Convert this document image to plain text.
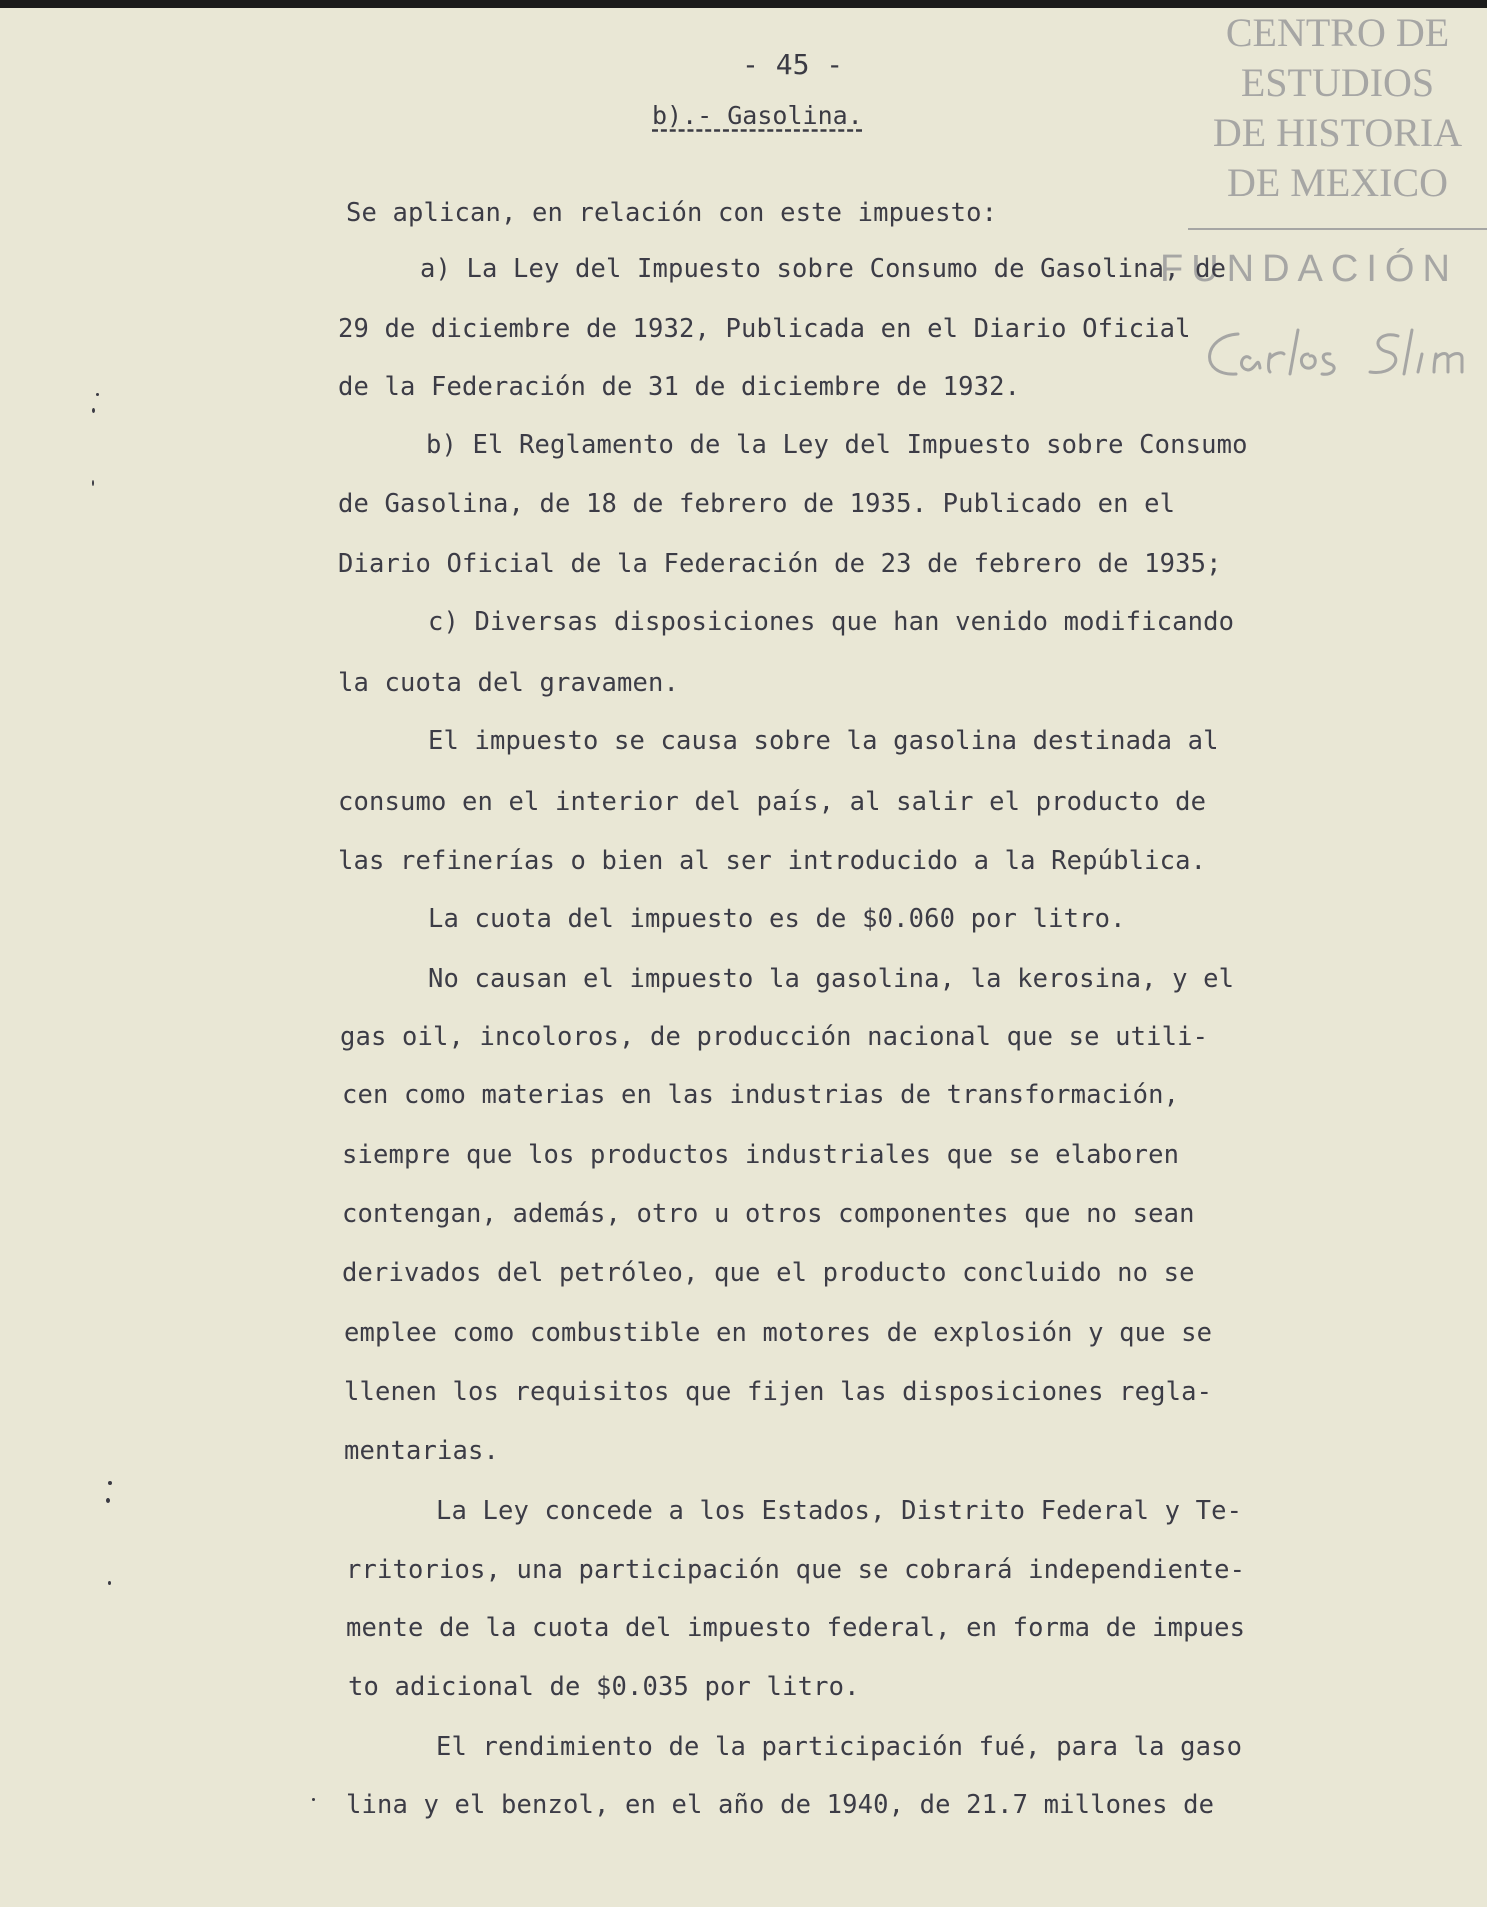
- 45 -
b).- Gasolina.
CENTRO DE
ESTUDIOS
DE HISTORIA
DE MEXICO
FUNDACIÓN
Se aplican, en relación con este impuesto:
a) La Ley del Impuesto sobre Consumo de Gasolina, de
29 de diciembre de 1932, Publicada en el Diario Oficial
de la Federación de 31 de diciembre de 1932.
b) El Reglamento de la Ley del Impuesto sobre Consumo
de Gasolina, de 18 de febrero de 1935. Publicado en el
Diario Oficial de la Federación de 23 de febrero de 1935;
c) Diversas disposiciones que han venido modificando
la cuota del gravamen.
El impuesto se causa sobre la gasolina destinada al
consumo en el interior del país, al salir el producto de
las refinerías o bien al ser introducido a la República.
La cuota del impuesto es de $0.060 por litro.
No causan el impuesto la gasolina, la kerosina, y el
gas oil, incoloros, de producción nacional que se utili-
cen como materias en las industrias de transformación,
siempre que los productos industriales que se elaboren
contengan, además, otro u otros componentes que no sean
derivados del petróleo, que el producto concluido no se
emplee como combustible en motores de explosión y que se
llenen los requisitos que fijen las disposiciones regla-
mentarias.
La Ley concede a los Estados, Distrito Federal y Te-
rritorios, una participación que se cobrará independiente-
mente de la cuota del impuesto federal, en forma de impues
to adicional de $0.035 por litro.
El rendimiento de la participación fué, para la gaso
lina y el benzol, en el año de 1940, de 21.7 millones de
